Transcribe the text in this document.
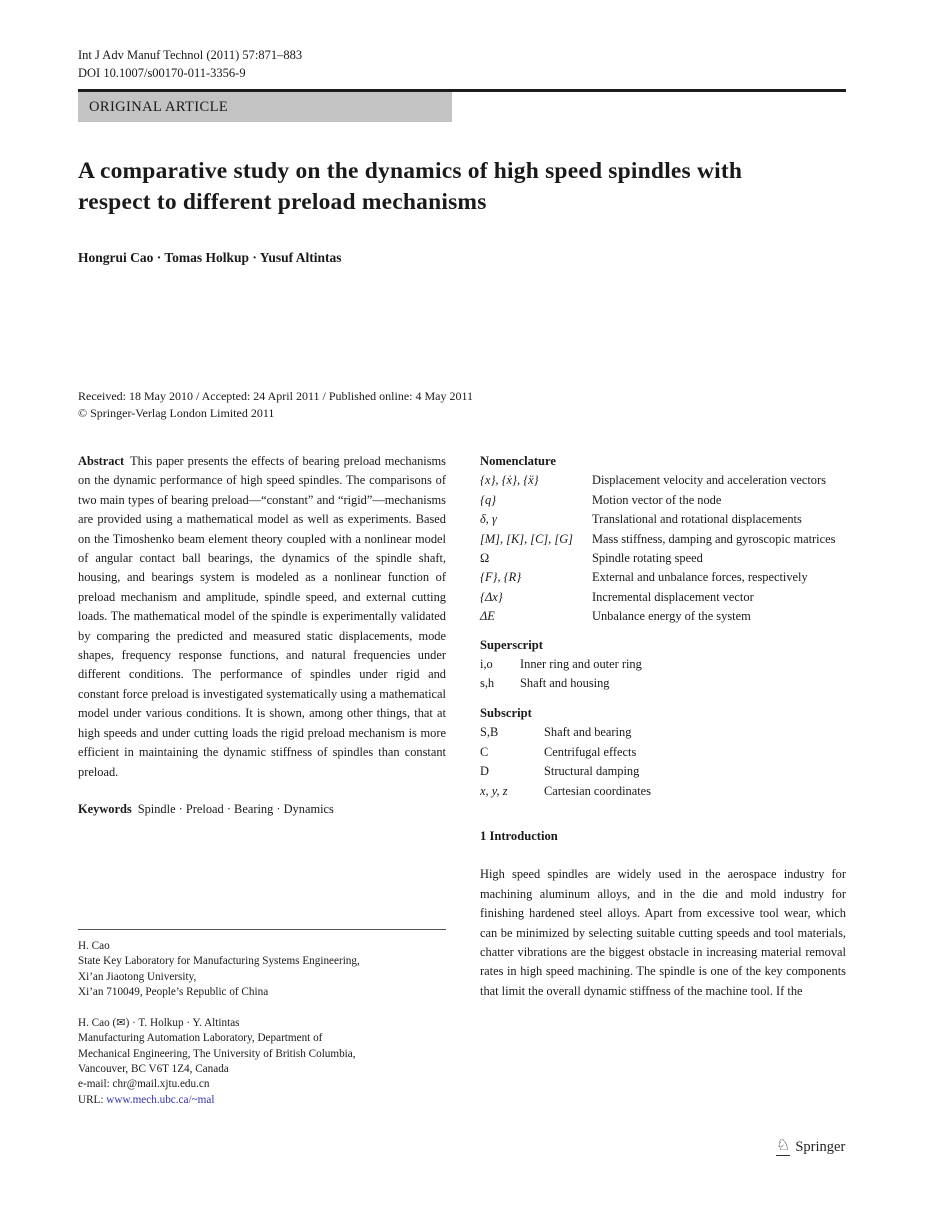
Int J Adv Manuf Technol (2011) 57:871–883
DOI 10.1007/s00170-011-3356-9
ORIGINAL ARTICLE
A comparative study on the dynamics of high speed spindles with respect to different preload mechanisms
Hongrui Cao · Tomas Holkup · Yusuf Altintas
Received: 18 May 2010 / Accepted: 24 April 2011 / Published online: 4 May 2011
© Springer-Verlag London Limited 2011

Abstract This paper presents the effects of bearing preload mechanisms on the dynamic performance of high speed spindles. The comparisons of two main types of bearing preload—“constant” and “rigid”—mechanisms are provided using a mathematical model as well as experiments. Based on the Timoshenko beam element theory coupled with a nonlinear model of angular contact ball bearings, the dynamics of the spindle shaft, housing, and bearings system is modeled as a nonlinear function of preload mechanism and amplitude, spindle speed, and external cutting loads. The mathematical model of the spindle is experimentally validated by comparing the predicted and measured static displacements, mode shapes, frequency response functions, and natural frequencies under different conditions. The performance of spindles under rigid and constant force preload is investigated systematically using a mathematical model under various conditions. It is shown, among other things, that at high speeds and under cutting loads the rigid preload mechanism is more efficient in maintaining the dynamic stiffness of spindles than constant preload.

Keywords Spindle · Preload · Bearing · Dynamics

Nomenclature
{x}, {ẋ}, {ẍ}	Displacement velocity and acceleration vectors
{q}	Motion vector of the node
δ, γ	Translational and rotational displacements
[M], [K], [C], [G]	Mass stiffness, damping and gyroscopic matrices
Ω	Spindle rotating speed
{F}, {R}	External and unbalance forces, respectively
{Δx}	Incremental displacement vector
ΔE	Unbalance energy of the system
Superscript
i,o	Inner ring and outer ring
s,h	Shaft and housing
Subscript
S,B	Shaft and bearing
C	Centrifugal effects
D	Structural damping
x, y, z	Cartesian coordinates
1 Introduction

High speed spindles are widely used in the aerospace industry for machining aluminum alloys, and in the die and mold industry for finishing hardened steel alloys. Apart from excessive tool wear, which can be minimized by selecting suitable cutting speeds and tool materials, chatter vibrations are the biggest obstacle in increasing material removal rates in high speed machining. The spindle is one of the key components that limit the overall dynamic stiffness of the machine tool. If the

H. Cao
State Key Laboratory for Manufacturing Systems Engineering,
Xi’an Jiaotong University,
Xi’an 710049, People’s Republic of China
H. Cao (✉) · T. Holkup · Y. Altintas
Manufacturing Automation Laboratory, Department of
Mechanical Engineering, The University of British Columbia,
Vancouver, BC V6T 1Z4, Canada
e-mail: chr@mail.xjtu.edu.cn
URL: www.mech.ubc.ca/~mal
♘ Springer
